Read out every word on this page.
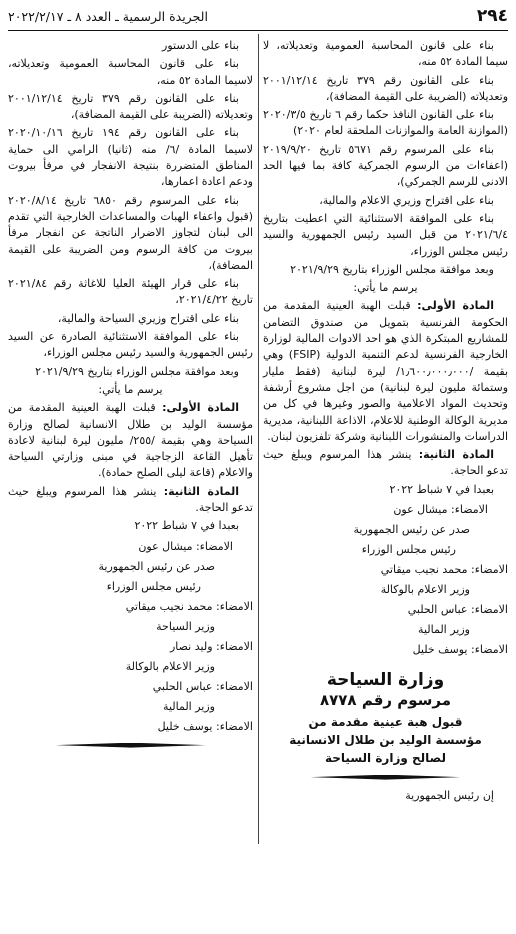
٢٩٤
الجريدة الرسمية ـ العدد ٨ ـ ٢٠٢٢/٢/١٧

بناء على قانون المحاسبة العمومية وتعديلاته، لا سيما المادة ٥٢ منه،

بناء على القانون رقم ٣٧٩ تاريخ ٢٠٠١/١٢/١٤ وتعديلاته (الضريبة على القيمة المضافة)،

بناء على القانون النافذ حكما رقم ٦ تاريخ ٢٠٢٠/٣/٥ (الموازنة العامة والموازنات الملحقة لعام ٢٠٢٠)

بناء على المرسوم رقم ٥٦٧١ تاريخ ٢٠١٩/٩/٢٠ (اعفاءات من الرسوم الجمركية كافة بما فيها الحد الادنى للرسم الجمركي)،

بناء على اقتراح وزيري الاعلام والمالية،

بناء على الموافقة الاستثنائية التي اعطيت بتاريخ ٢٠٢١/٦/٤ من قبل السيد رئيس الجمهورية والسيد رئيس مجلس الوزراء،

وبعد موافقة مجلس الوزراء بتاريخ ٢٠٢١/٩/٢٩

يرسم ما يأتي:

المادة الأولى: قبلت الهبة العينية المقدمة من الحكومة الفرنسية بتمويل من صندوق التضامن للمشاريع المبتكرة الذي هو احد الادوات المالية لوزارة الخارجية الفرنسية لدعم التنمية الدولية (FSIP) وهي بقيمة /١٫٦٠٠٫٠٠٠٫٠٠٠/ ليرة لبنانية (فقط مليار وستمائة مليون ليرة لبنانية) من اجل مشروع أرشفة وتحديث المواد الاعلامية والصور وغيرها في كل من مديرية الوكالة الوطنية للاعلام، الاذاعة اللبنانية، مديرية الدراسات والمنشورات اللبنانية وشركة تلفزيون لبنان.

المادة الثانية: ينشر هذا المرسوم ويبلغ حيث تدعو الحاجة.

بعبدا في ٧ شباط ٢٠٢٢

الامضاء: ميشال عون

صدر عن رئيس الجمهورية

رئيس مجلس الوزراء

الامضاء: محمد نجيب ميقاتي

وزير الاعلام بالوكالة

الامضاء: عباس الحلبي

وزير المالية

الامضاء: يوسف خليل

وزارة السياحة
مرسوم رقم ٨٧٧٨
قبول هبة عينية مقدمة من
مؤسسة الوليد بن طلال الانسانية
لصالح وزارة السياحة

إن رئيس الجمهورية

بناء على الدستور

بناء على قانون المحاسبة العمومية وتعديلاته، لاسيما المادة ٥٢ منه،

بناء على القانون رقم ٣٧٩ تاريخ ٢٠٠١/١٢/١٤ وتعديلاته (الضريبة على القيمة المضافة)،

بناء على القانون رقم ١٩٤ تاريخ ٢٠٢٠/١٠/١٦ لاسيما المادة /٦/ منه (ثانيا) الرامي الى حماية المناطق المتضررة بنتيجة الانفجار في مرفأ بيروت ودعم اعادة اعمارها،

بناء على المرسوم رقم ٦٨٥٠ تاريخ ٢٠٢٠/٨/١٤ (قبول واعفاء الهبات والمساعدات الخارجية التي تقدم الى لبنان لتجاوز الاضرار الناتجة عن انفجار مرفأ بيروت من كافة الرسوم ومن الضريبة على القيمة المضافة)،

بناء على قرار الهيئة العليا للاغاثة رقم ٢٠٢١/٨٤ تاريخ ٢٠٢١/٤/٢٢،

بناء على اقتراح وزيري السياحة والمالية،

بناء على الموافقة الاستثنائية الصادرة عن السيد رئيس الجمهورية والسيد رئيس مجلس الوزراء،

وبعد موافقة مجلس الوزراء بتاريخ ٢٠٢١/٩/٢٩

يرسم ما يأتي:

المادة الأولى: قبلت الهبة العينية المقدمة من مؤسسة الوليد بن طلال الانسانية لصالح وزارة السياحة وهي بقيمة /٢٥٥/ مليون ليرة لبنانية لاعادة تأهيل القاعة الزجاجية في مبنى وزارتي السياحة والاعلام (قاعة ليلى الصلح حمادة).

المادة الثانية: ينشر هذا المرسوم ويبلغ حيث تدعو الحاجة.

بعبدا في ٧ شباط ٢٠٢٢

الامضاء: ميشال عون

صدر عن رئيس الجمهورية

رئيس مجلس الوزراء

الامضاء: محمد نجيب ميقاتي

وزير السياحة

الامضاء: وليد نصار

وزير الاعلام بالوكالة

الامضاء: عباس الحلبي

وزير المالية

الامضاء: يوسف خليل
